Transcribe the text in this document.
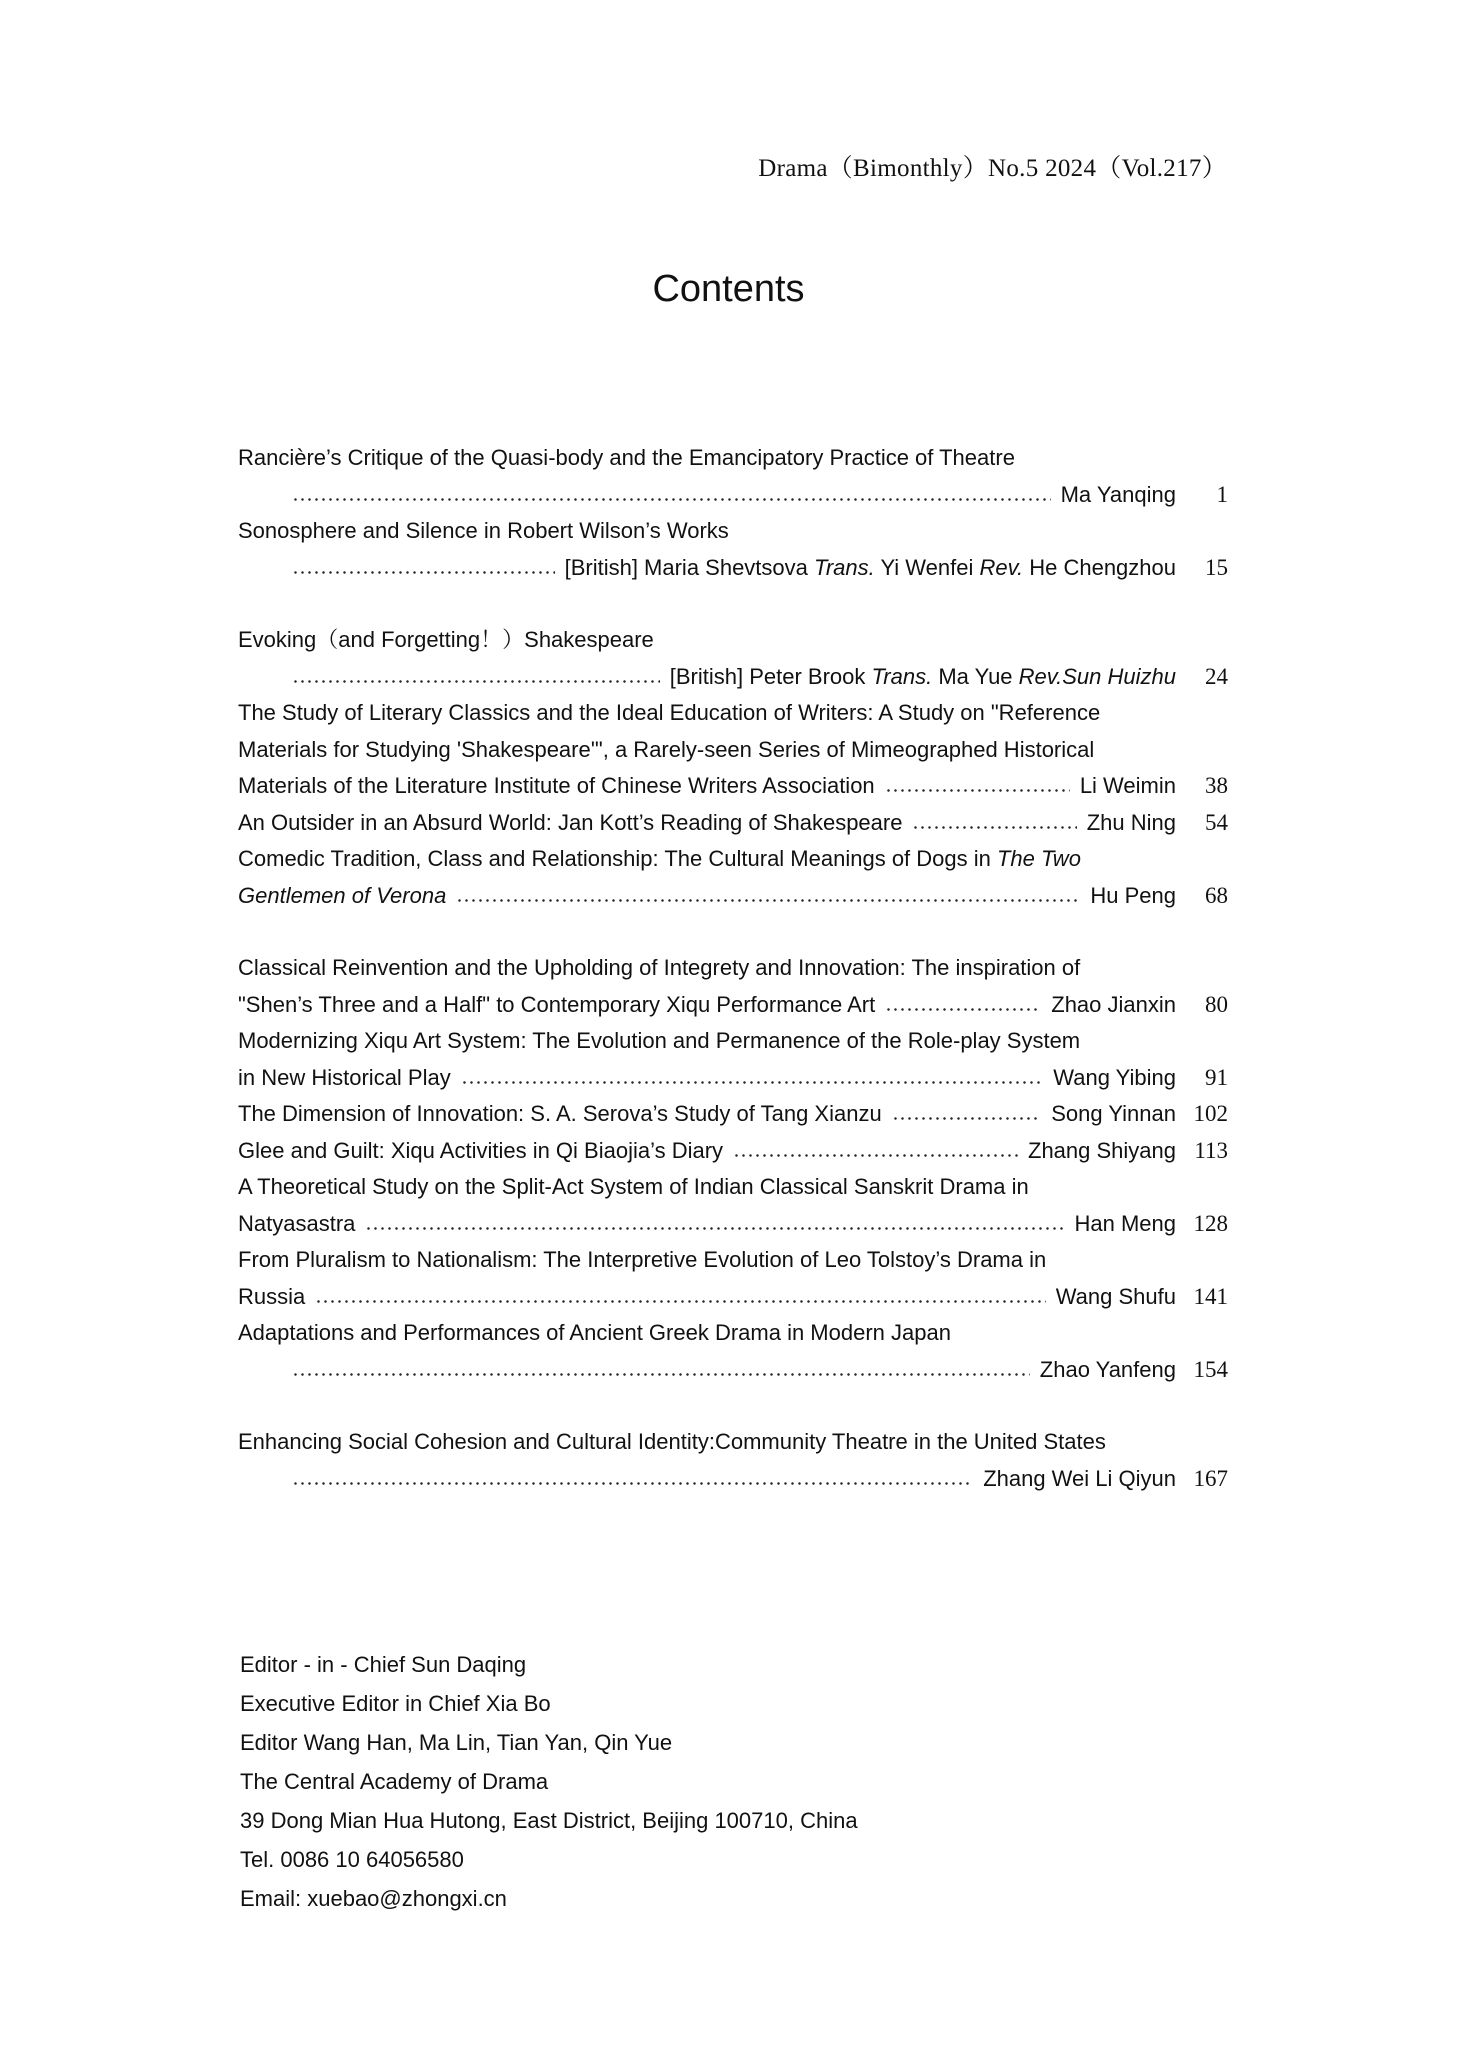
Drama（Bimonthly）No.5 2024（Vol.217）
Contents
Rancière’s Critique of the Quasi-body and the Emancipatory Practice of Theatre
Ma Yanqing	1
Sonosphere and Silence in Robert Wilson’s Works
[British] Maria Shevtsova Trans. Yi Wenfei Rev. He Chengzhou	15
Evoking（and Forgetting！）Shakespeare
[British] Peter Brook Trans. Ma Yue Rev.Sun Huizhu	24
The Study of Literary Classics and the Ideal Education of Writers: A Study on "Reference
Materials for Studying 'Shakespeare'", a Rarely-seen Series of Mimeographed Historical
Materials of the Literature Institute of Chinese Writers Association	Li Weimin	38
An Outsider in an Absurd World: Jan Kott’s Reading of Shakespeare	Zhu Ning	54
Comedic Tradition, Class and Relationship: The Cultural Meanings of Dogs in The Two
Gentlemen of Verona	Hu Peng	68
Classical Reinvention and the Upholding of Integrety and Innovation: The inspiration of
"Shen’s Three and a Half" to Contemporary Xiqu Performance Art	Zhao Jianxin	80
Modernizing Xiqu Art System: The Evolution and Permanence of the Role-play System
in New Historical Play	Wang Yibing	91
The Dimension of Innovation: S. A. Serova’s Study of Tang Xianzu	Song Yinnan 102
Glee and Guilt: Xiqu Activities in Qi Biaojia’s Diary	Zhang Shiyang 113
A Theoretical Study on the Split-Act System of Indian Classical Sanskrit Drama in
Natyasastra	Han Meng 128
From Pluralism to Nationalism: The Interpretive Evolution of Leo Tolstoy’s Drama in
Russia	Wang Shufu 141
Adaptations and Performances of Ancient Greek Drama in Modern Japan
Zhao Yanfeng 154
Enhancing Social Cohesion and Cultural Identity:Community Theatre in the United States
Zhang Wei Li Qiyun 167
Editor - in - Chief Sun Daqing
Executive Editor in Chief Xia Bo
Editor Wang Han, Ma Lin, Tian Yan, Qin Yue
The Central Academy of Drama
39 Dong Mian Hua Hutong, East District, Beijing 100710, China
Tel. 0086 10 64056580
Email: xuebao@zhongxi.cn
